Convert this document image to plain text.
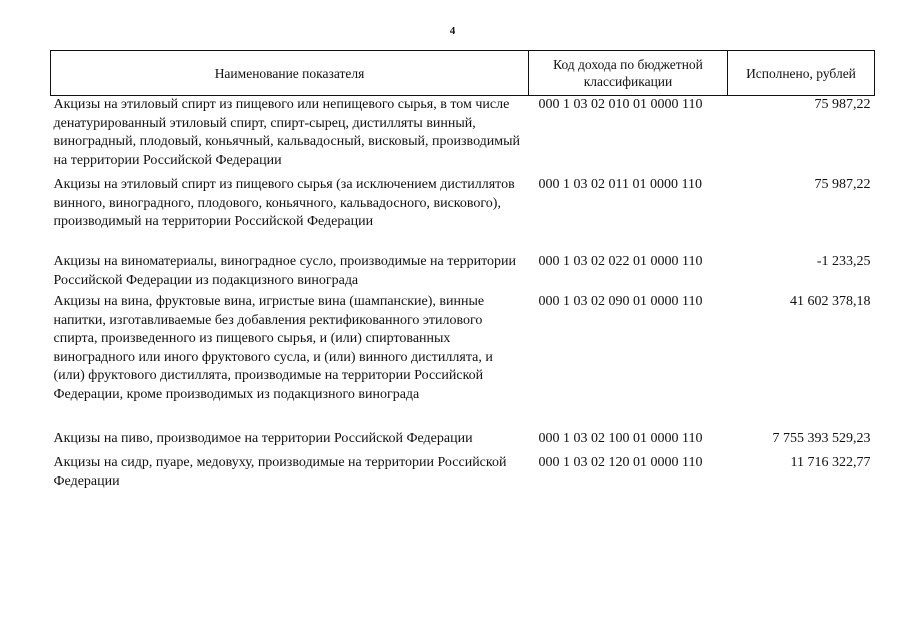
4
Наименование показателя	Код дохода по бюджетной классификации	Исполнено, рублей
Акцизы на этиловый спирт из пищевого или непищевого сырья, в том числе денатурированный этиловый спирт, спирт-сырец, дистилляты винный, виноградный, плодовый, коньячный, кальвадосный, висковый, производимый на территории Российской Федерации	000 1 03 02 010 01 0000 110	75 987,22
Акцизы на этиловый спирт из пищевого сырья (за исключением дистиллятов винного, виноградного, плодового, коньячного, кальвадосного, вискового), производимый на территории Российской Федерации	000 1 03 02 011 01 0000 110	75 987,22
Акцизы на виноматериалы, виноградное сусло, производимые на территории Российской Федерации из подакцизного винограда	000 1 03 02 022 01 0000 110	-1 233,25
Акцизы на вина, фруктовые вина, игристые вина (шампанские), винные напитки, изготавливаемые без добавления ректификованного этилового спирта, произведенного из пищевого сырья, и (или) спиртованных виноградного или иного фруктового сусла, и (или) винного дистиллята, и (или) фруктового дистиллята, производимые на территории Российской Федерации, кроме производимых из подакцизного винограда	000 1 03 02 090 01 0000 110	41 602 378,18
Акцизы на пиво, производимое на территории Российской Федерации	000 1 03 02 100 01 0000 110	7 755 393 529,23
Акцизы на сидр, пуаре, медовуху, производимые на территории Российской Федерации	000 1 03 02 120 01 0000 110	11 716 322,77
